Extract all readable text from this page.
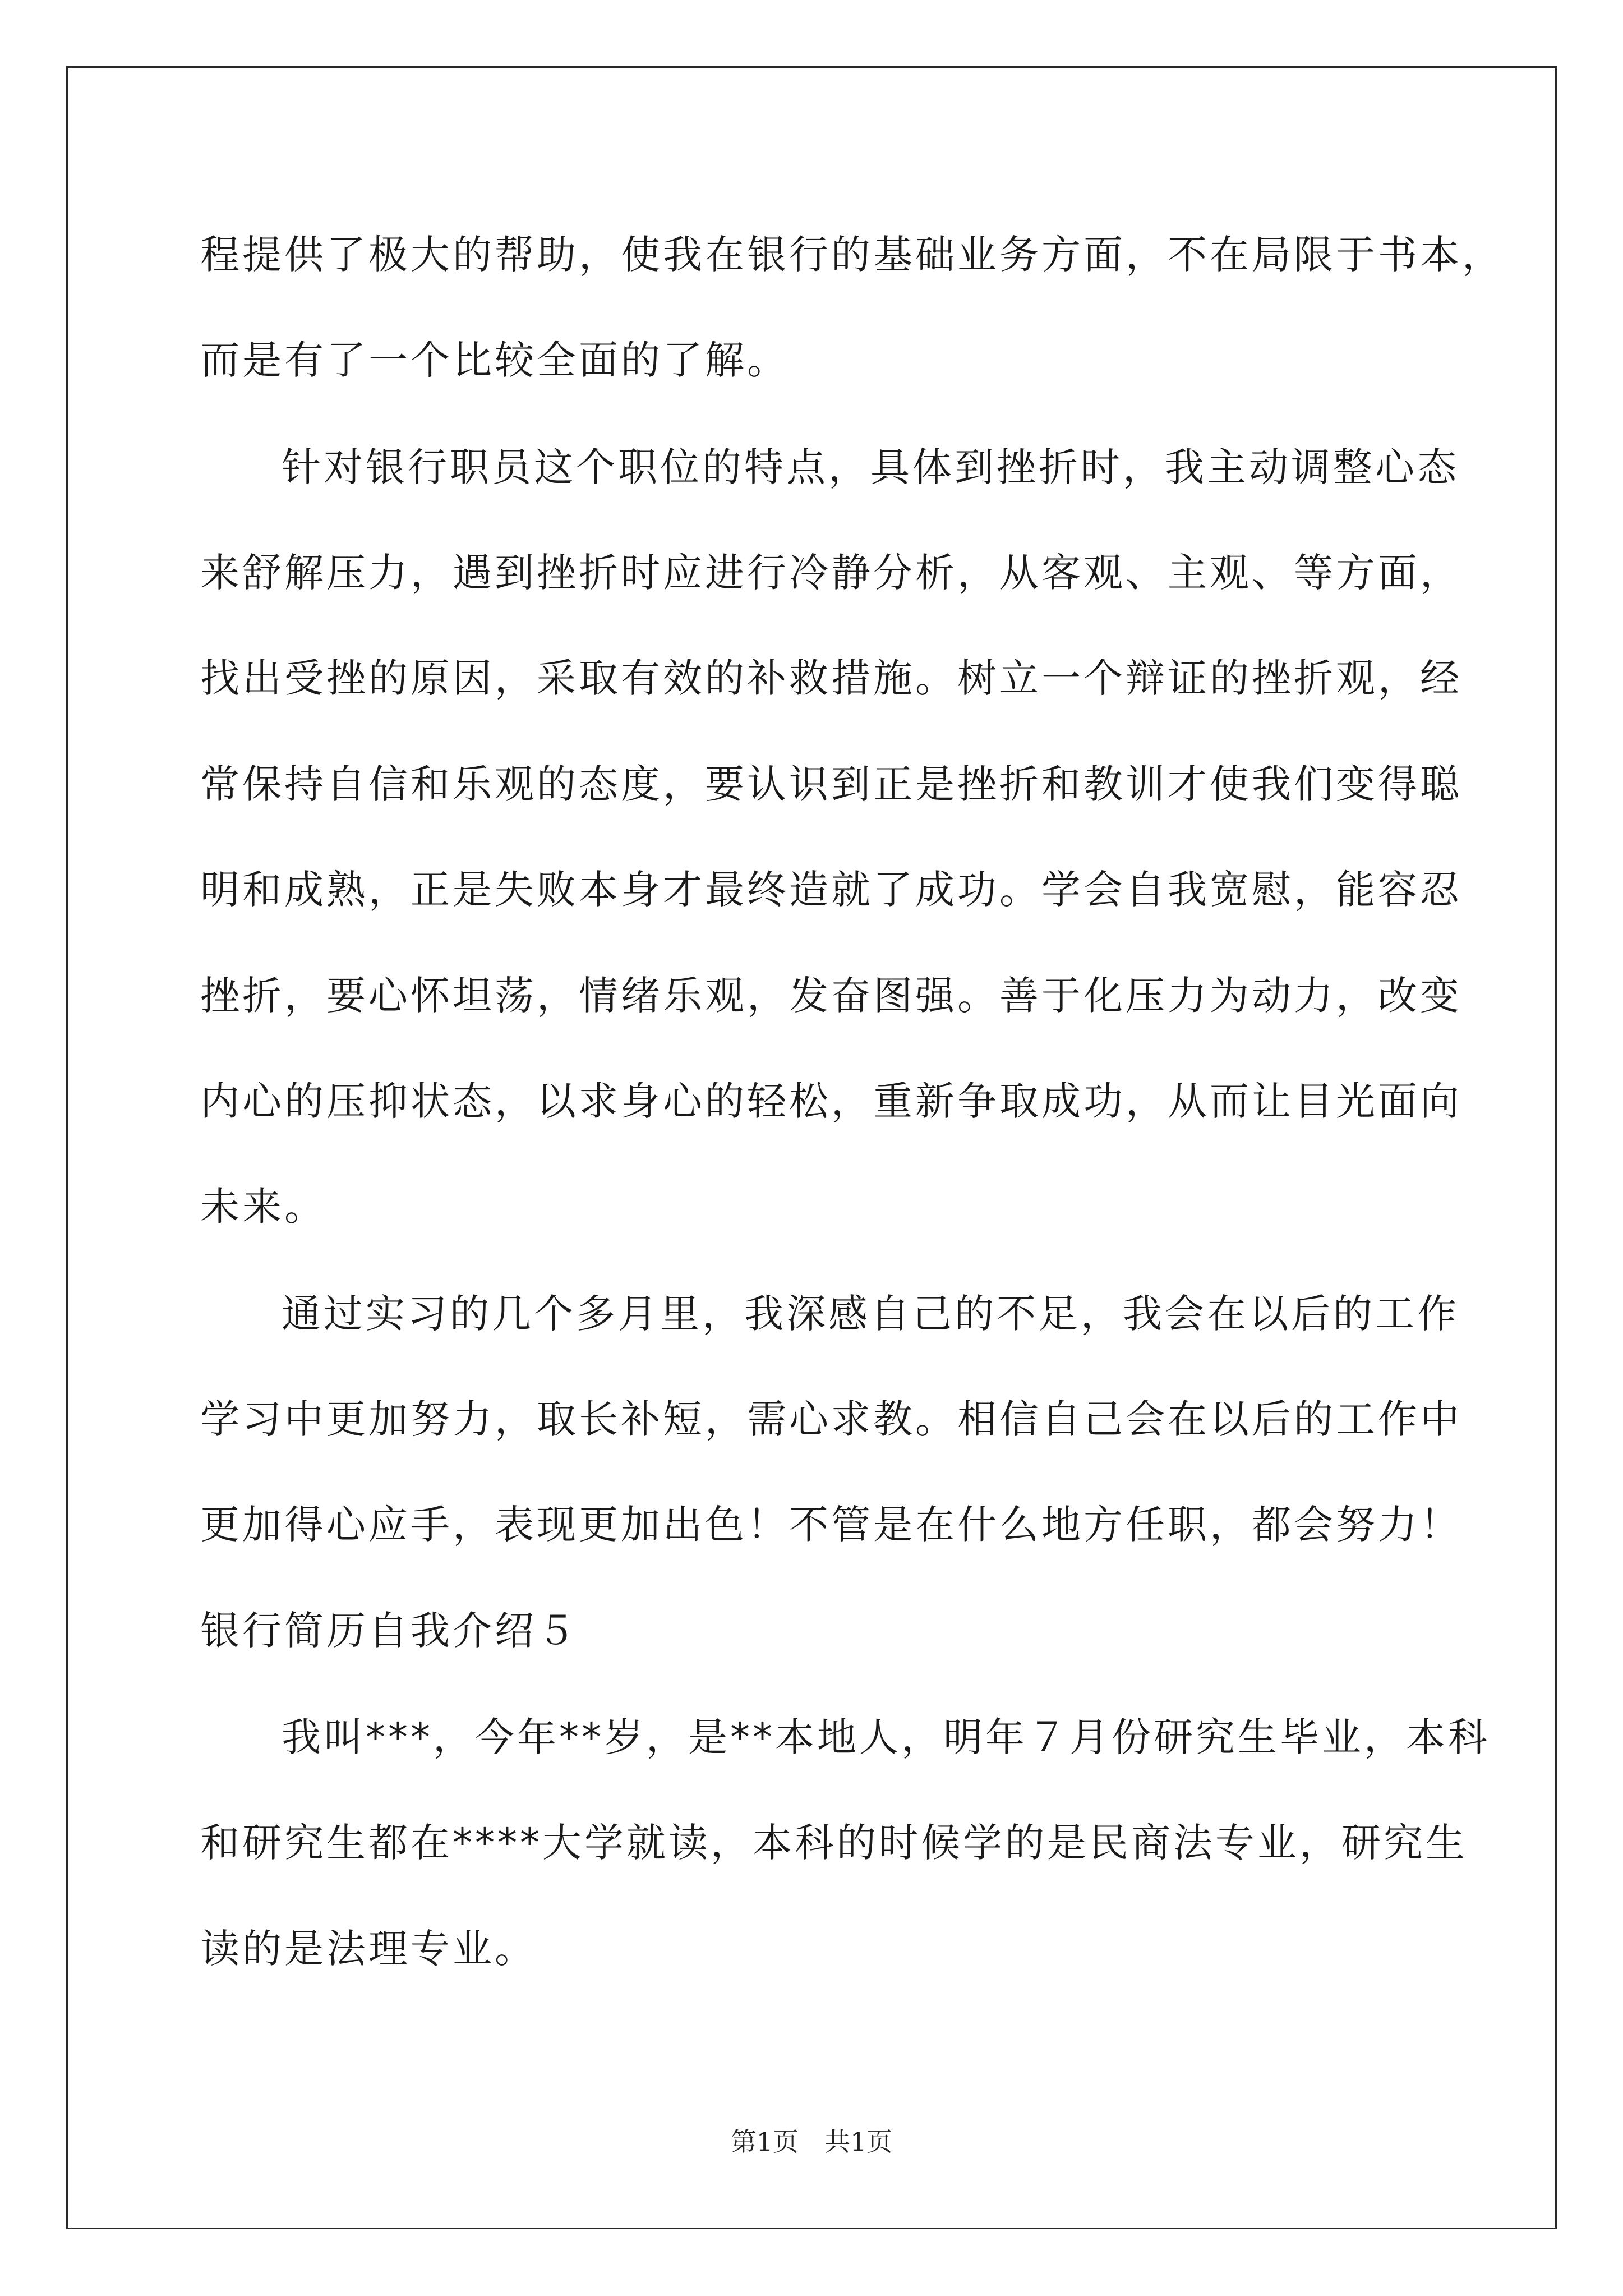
程提供了极大的帮助，使我在银行的基础业务方面，不在局限于书本，
而是有了一个比较全面的了解。
针对银行职员这个职位的特点，具体到挫折时，我主动调整心态
来舒解压力，遇到挫折时应进行冷静分析，从客观、主观、等方面，
找出受挫的原因，采取有效的补救措施。树立一个辩证的挫折观，经
常保持自信和乐观的态度，要认识到正是挫折和教训才使我们变得聪
明和成熟，正是失败本身才最终造就了成功。学会自我宽慰，能容忍
挫折，要心怀坦荡，情绪乐观，发奋图强。善于化压力为动力，改变
内心的压抑状态，以求身心的轻松，重新争取成功，从而让目光面向
未来。
通过实习的几个多月里，我深感自己的不足，我会在以后的工作
学习中更加努力，取长补短，需心求教。相信自己会在以后的工作中
更加得心应手，表现更加出色！不管是在什么地方任职，都会努力！
银行简历自我介绍５
我叫***，今年**岁，是**本地人，明年７月份研究生毕业，本科
和研究生都在****大学就读，本科的时候学的是民商法专业，研究生
读的是法理专业。
第1页　共1页
